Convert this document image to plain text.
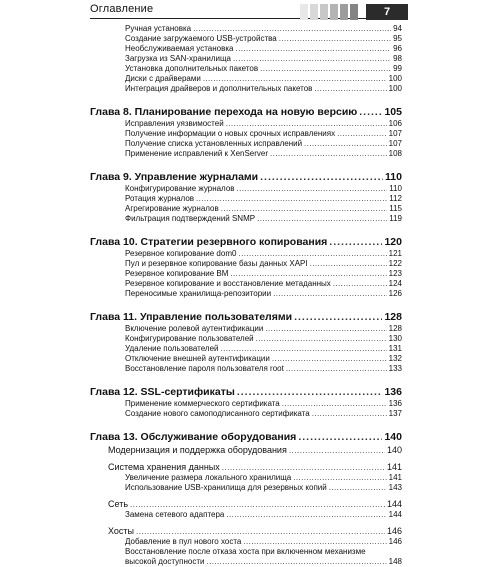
Оглавление	7
Ручная установка .....	94
Создание загружаемого USB-устройства .....	95
Необслуживаемая установка .....	96
Загрузка из SAN-хранилища .....	98
Установка дополнительных пакетов .....	99
Диски с драйверами .....	100
Интеграция драйверов и дополнительных пакетов .....	100
Глава 8. Планирование перехода на новую версию .....	105
Исправления уязвимостей .....	106
Получение информации о новых срочных исправлениях .....	107
Получение списка установленных исправлений .....	107
Применение исправлений к XenServer .....	108
Глава 9. Управление журналами .....	110
Конфигурирование журналов .....	110
Ротация журналов .....	112
Агрегирование журналов .....	115
Фильтрация подтверждений SNMP .....	119
Глава 10. Стратегии резервного копирования .....	120
Резервное копирование dom0 .....	121
Пул и резервное копирование базы данных XAPI .....	122
Резервное копирование ВМ .....	123
Резервное копирование и восстановление метаданных .....	124
Переносимые хранилища-репозитории .....	126
Глава 11. Управление пользователями .....	128
Включение ролевой аутентификации .....	128
Конфигурирование пользователей .....	130
Удаление пользователей .....	131
Отключение внешней аутентификации .....	132
Восстановление пароля пользователя root .....	133
Глава 12. SSL-сертификаты .....	136
Применение коммерческого сертификата .....	136
Создание нового самоподписанного сертификата .....	137
Глава 13. Обслуживание оборудования .....	140
Модернизация и поддержка оборудования .....	140
Система хранения данных .....	141
Увеличение размера локального хранилища .....	141
Использование USB-хранилища для резервных копий .....	143
Сеть .....	144
Замена сетевого адаптера .....	144
Хосты .....	146
Добавление в пул нового хоста .....	146
Восстановление после отказа хоста при включенном механизме
высокой доступности .....	148
